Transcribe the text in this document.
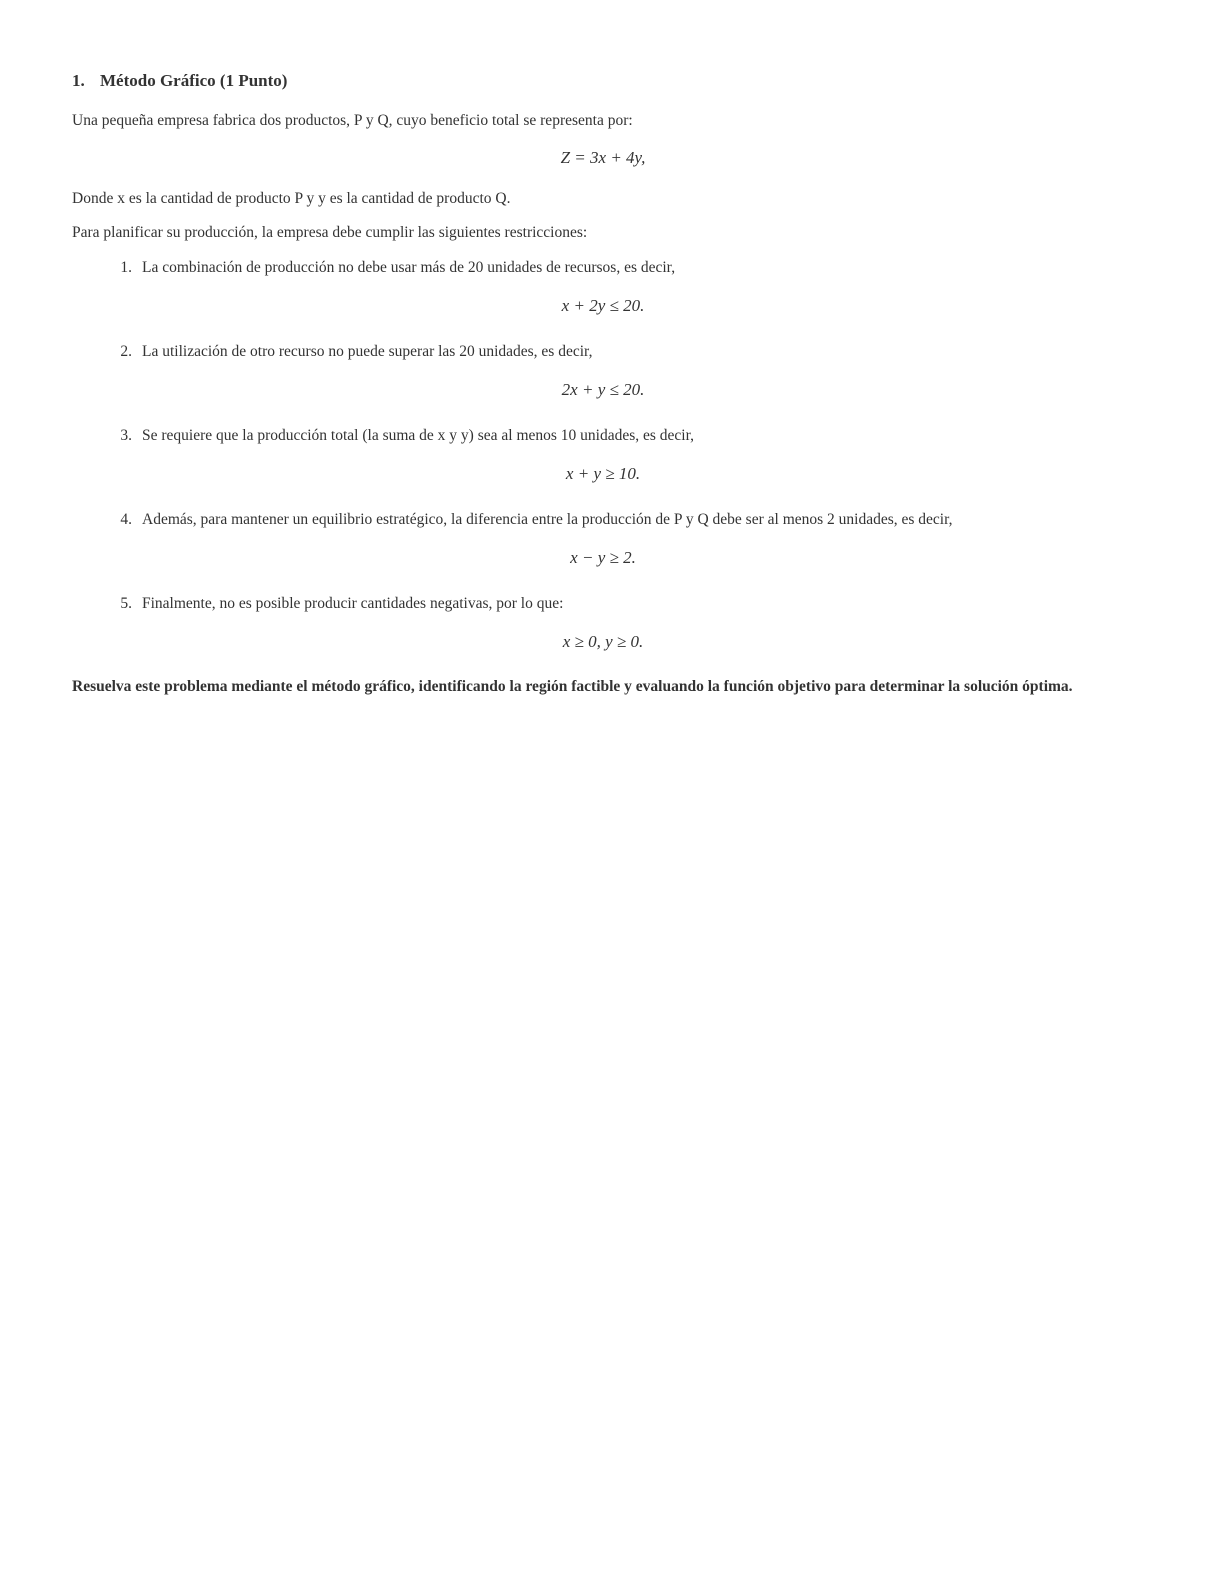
1. Método Gráfico (1 Punto)

Una pequeña empresa fabrica dos productos, P y Q, cuyo beneficio total se representa por:

Z = 3x + 4y,

Donde x es la cantidad de producto P y y es la cantidad de producto Q.

Para planificar su producción, la empresa debe cumplir las siguientes restricciones:

1. La combinación de producción no debe usar más de 20 unidades de recursos, es decir,
x + 2y ≤ 20.
2. La utilización de otro recurso no puede superar las 20 unidades, es decir,
2x + y ≤ 20.
3. Se requiere que la producción total (la suma de x y y) sea al menos 10 unidades, es decir,
x + y ≥ 10.
4. Además, para mantener un equilibrio estratégico, la diferencia entre la producción de P y Q debe ser al menos 2 unidades, es decir,
x − y ≥ 2.
5. Finalmente, no es posible producir cantidades negativas, por lo que:
x ≥ 0, y ≥ 0.

Resuelva este problema mediante el método gráfico, identificando la región factible y evaluando la función objetivo para determinar la solución óptima.
